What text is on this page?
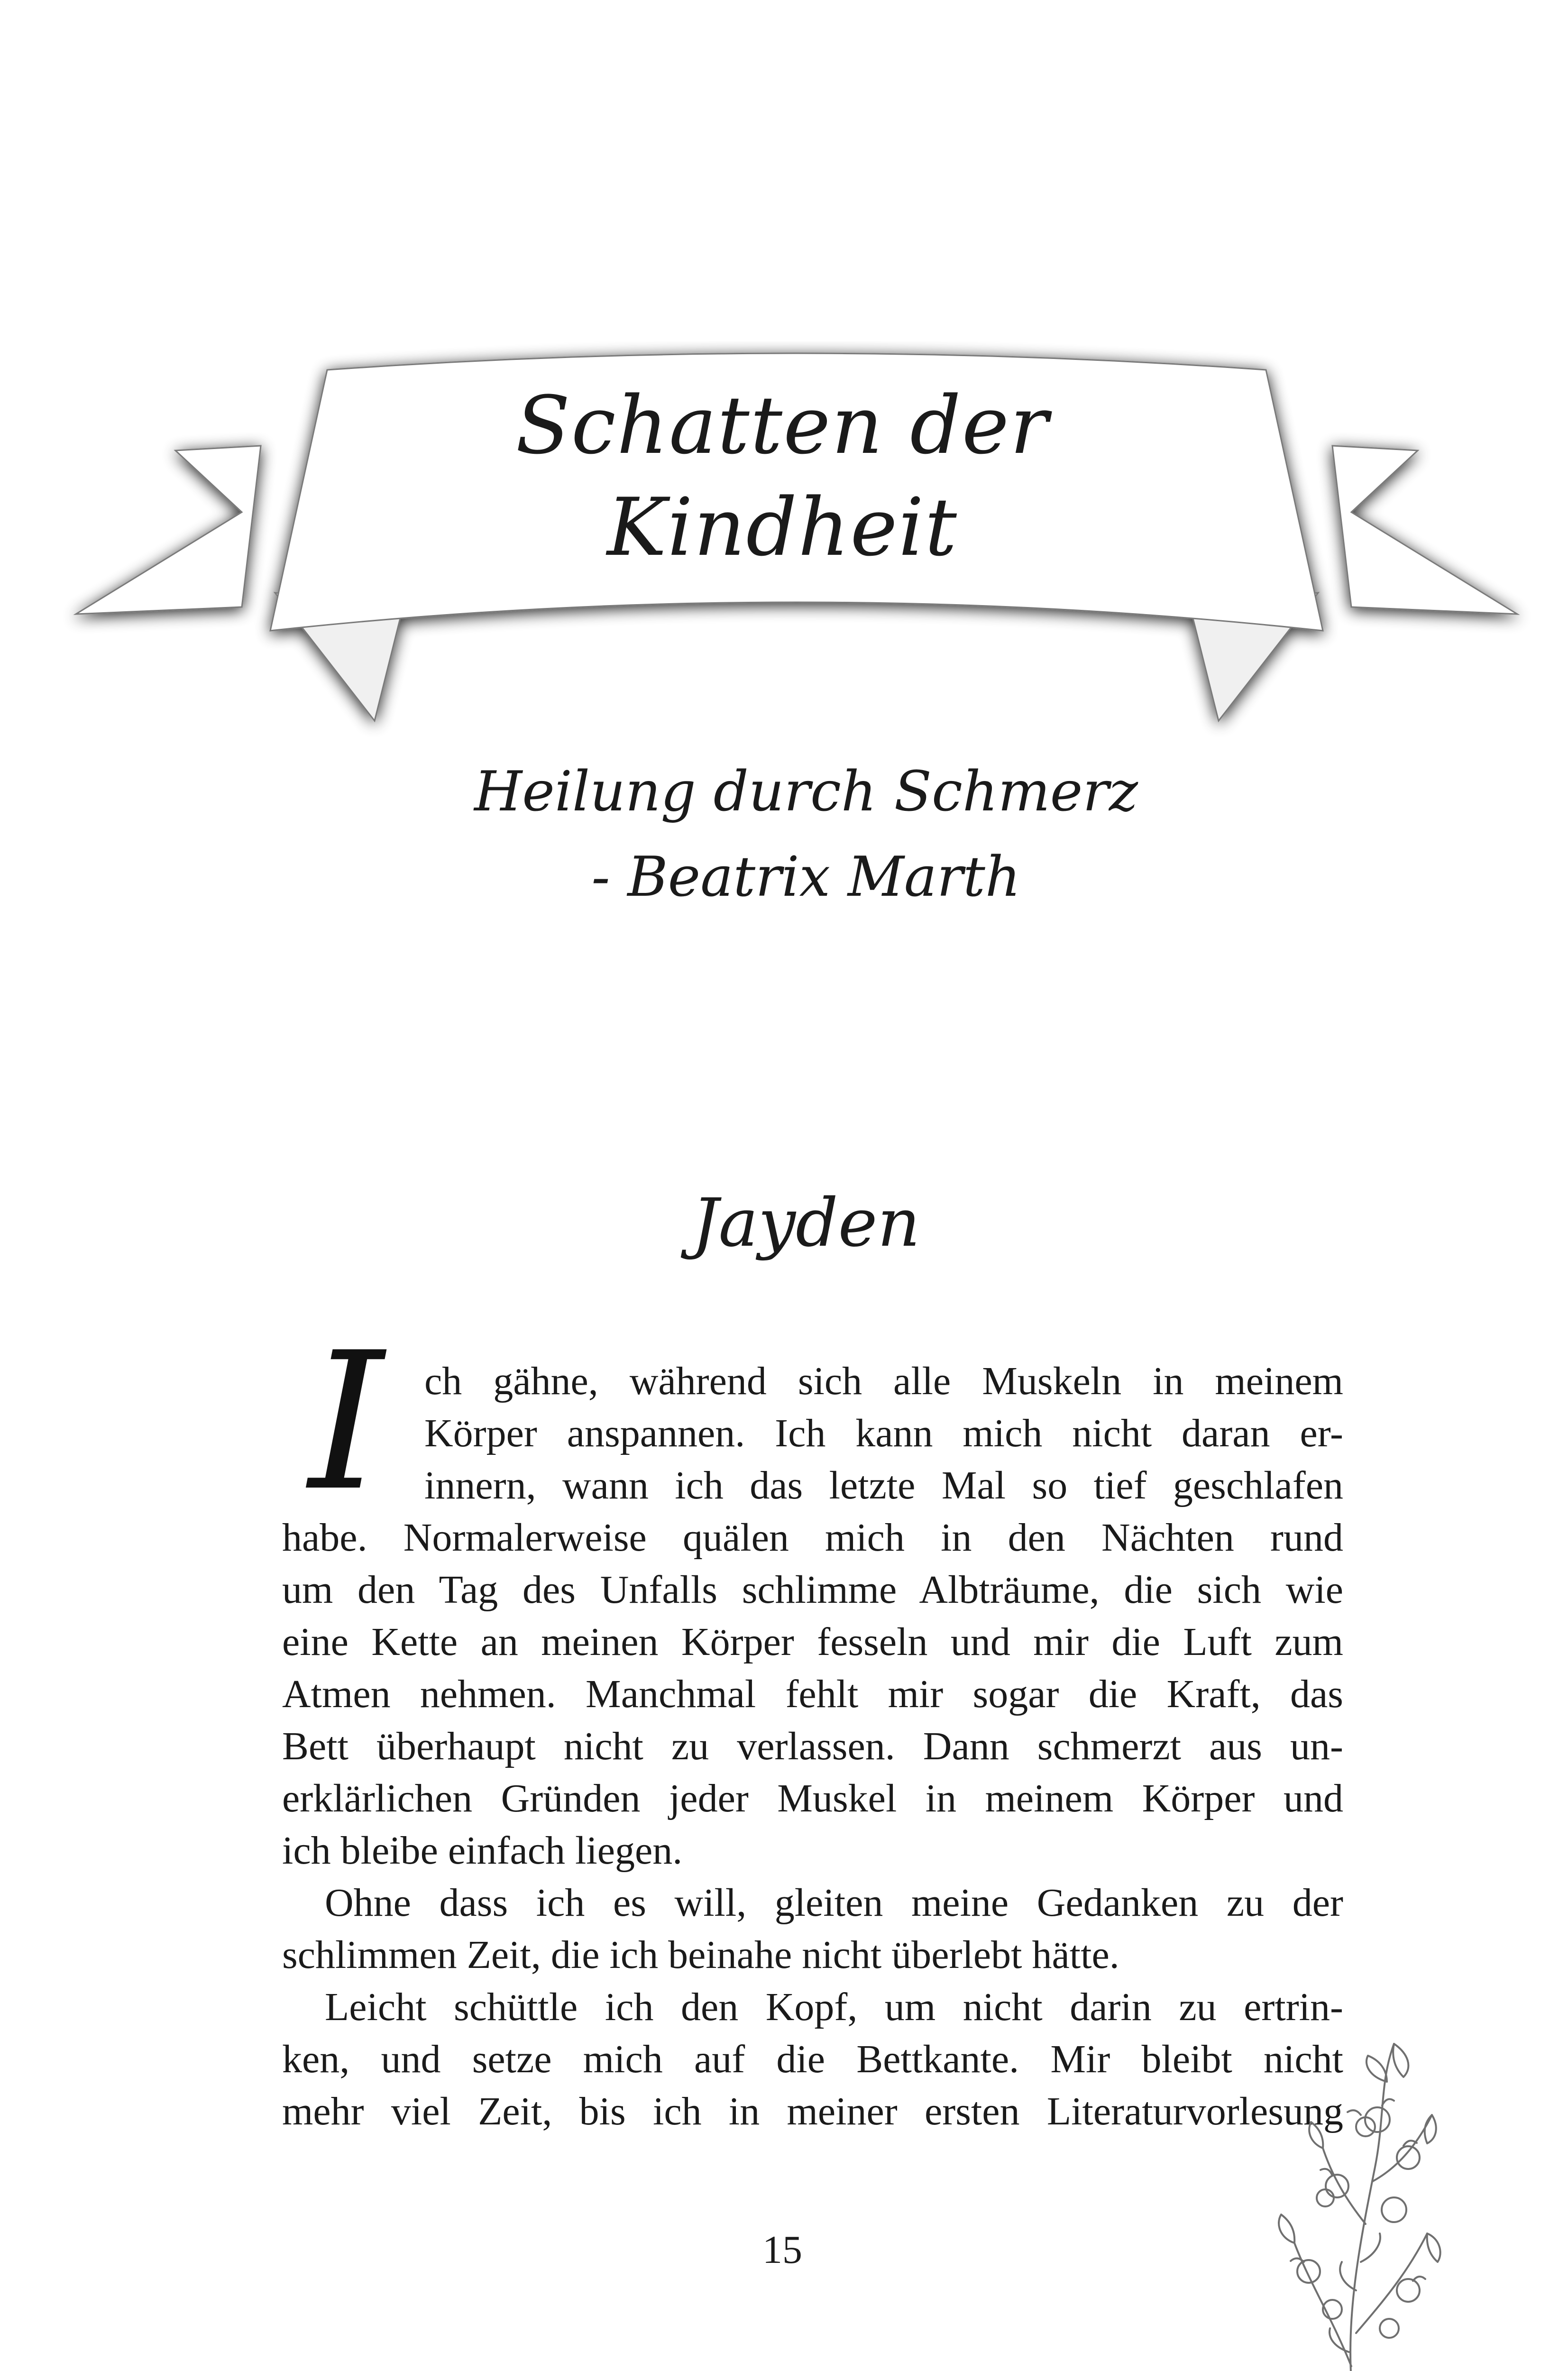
Schatten der
Kindheit
Heilung durch Schmerz
- Beatrix Marth
Jayden
I	ch gähne, während sich alle Muskeln in meinem
Körper anspannen. Ich kann mich nicht daran er-
innern, wann ich das letzte Mal so tief geschlafen
habe. Normalerweise quälen mich in den Nächten rund
um den Tag des Unfalls schlimme Albträume, die sich wie
eine Kette an meinen Körper fesseln und mir die Luft zum
Atmen nehmen. Manchmal fehlt mir sogar die Kraft, das
Bett überhaupt nicht zu verlassen. Dann schmerzt aus un-
erklärlichen Gründen jeder Muskel in meinem Körper und
ich bleibe einfach liegen.
Ohne dass ich es will, gleiten meine Gedanken zu der
schlimmen Zeit, die ich beinahe nicht überlebt hätte.
Leicht schüttle ich den Kopf, um nicht darin zu ertrin-
ken, und setze mich auf die Bettkante. Mir bleibt nicht
mehr viel Zeit, bis ich in meiner ersten Literaturvorlesung
15
